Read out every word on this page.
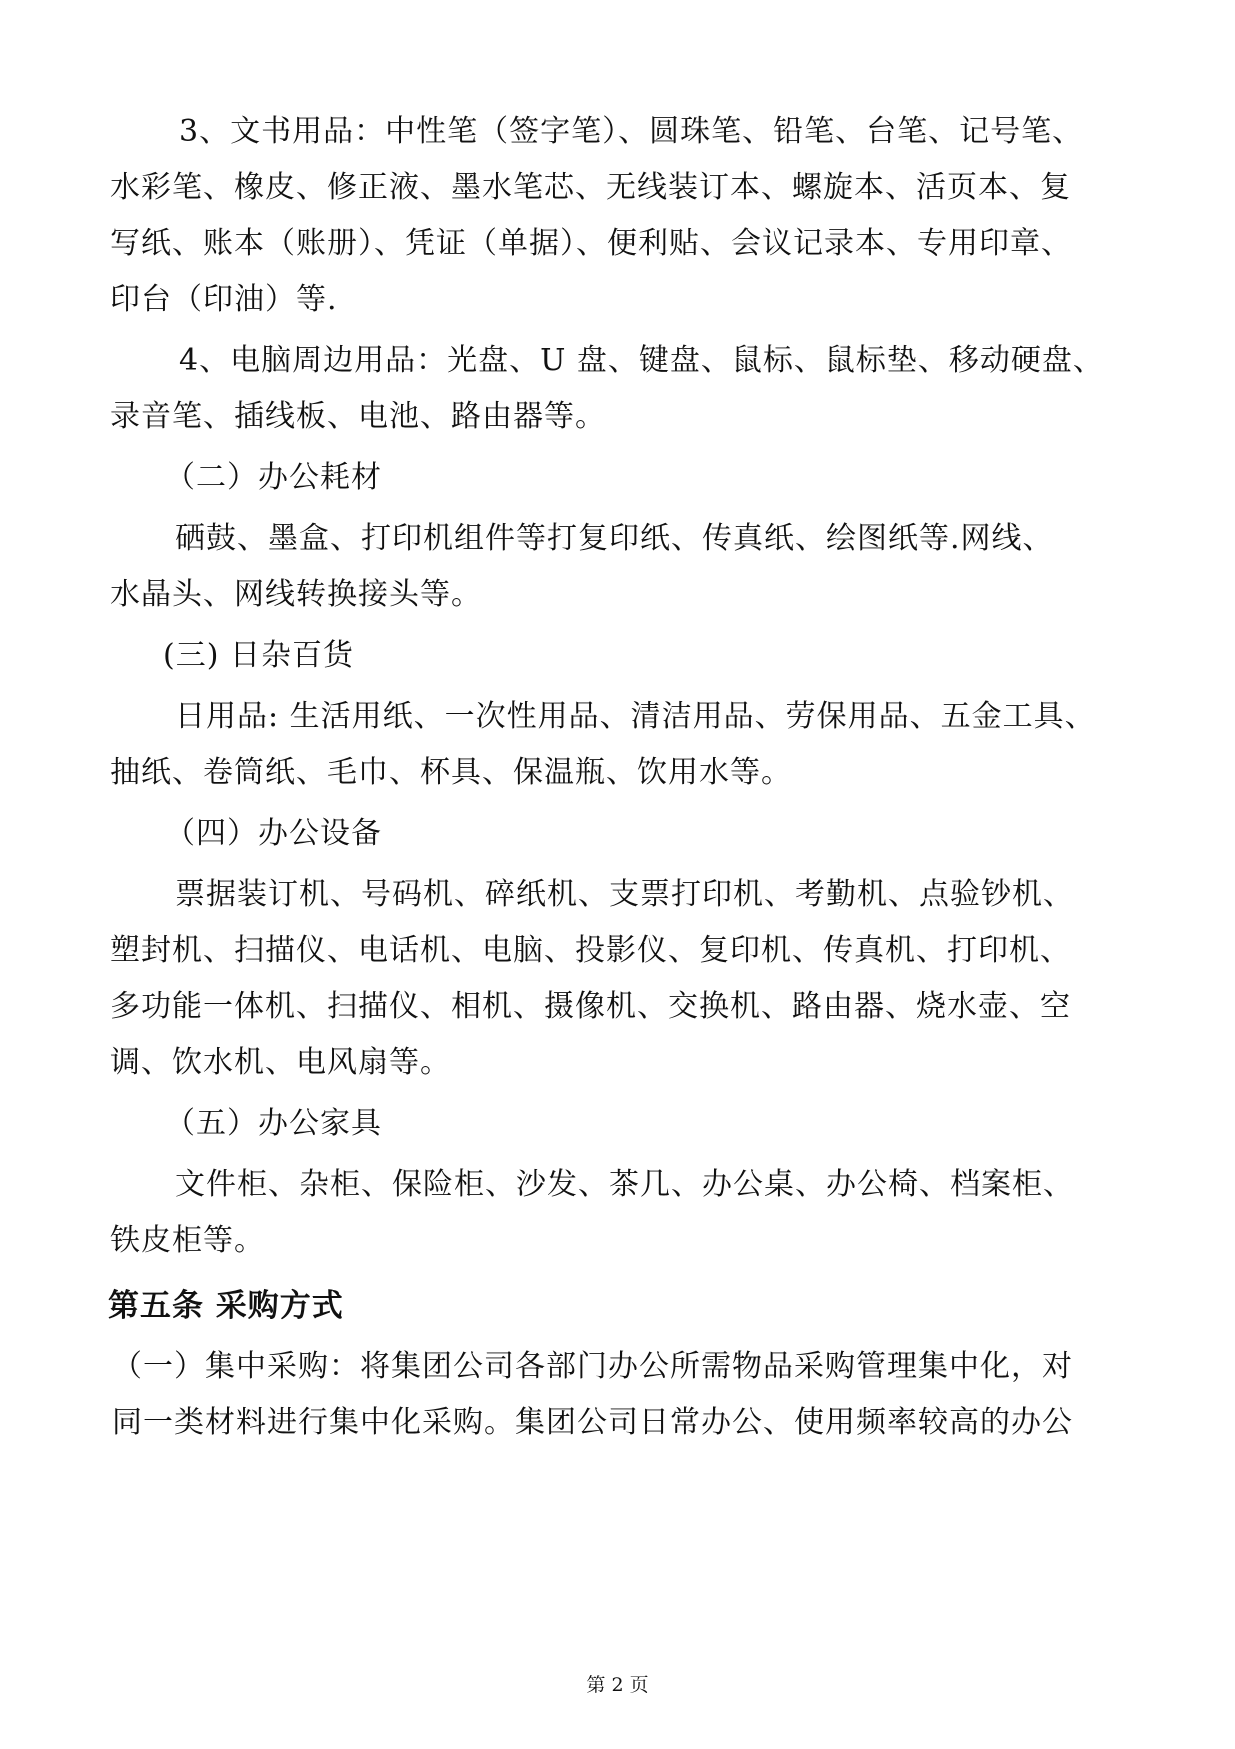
3、文书用品：中性笔（签字笔）、圆珠笔、铅笔、台笔、记号笔、
水彩笔、橡皮、修正液、墨水笔芯、无线装订本、螺旋本、活页本、复
写纸、账本（账册）、凭证（单据）、便利贴、会议记录本、专用印章、
印台（印油）等.
4、电脑周边用品：光盘、U 盘、键盘、鼠标、鼠标垫、移动硬盘、
录音笔、插线板、电池、路由器等。
（二）办公耗材
硒鼓、墨盒、打印机组件等打复印纸、传真纸、绘图纸等.网线、
水晶头、网线转换接头等。
(三) 日杂百货
日用品: 生活用纸、一次性用品、清洁用品、劳保用品、五金工具、
抽纸、卷筒纸、毛巾、杯具、保温瓶、饮用水等。
（四）办公设备
票据装订机、号码机、碎纸机、支票打印机、考勤机、点验钞机、
塑封机、扫描仪、电话机、电脑、投影仪、复印机、传真机、打印机、
多功能一体机、扫描仪、相机、摄像机、交换机、路由器、烧水壶、空
调、饮水机、电风扇等。
（五）办公家具
文件柜、杂柜、保险柜、沙发、茶几、办公桌、办公椅、档案柜、
铁皮柜等。
第五条 采购方式
（一）集中采购：将集团公司各部门办公所需物品采购管理集中化，对
同一类材料进行集中化采购。集团公司日常办公、使用频率较高的办公
第 2 页
